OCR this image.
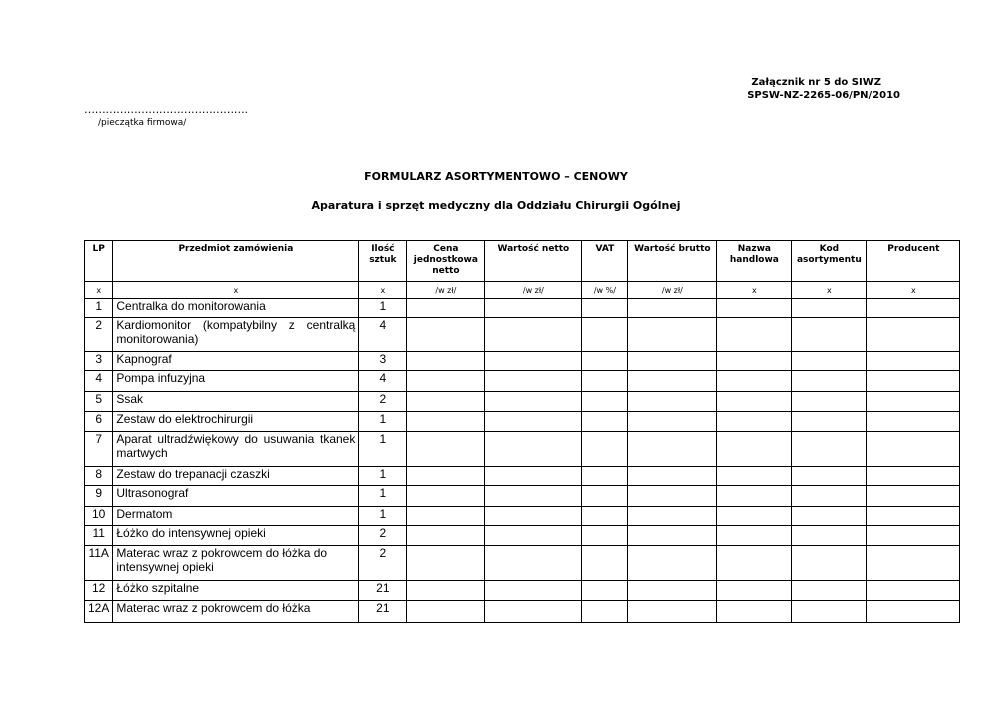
Załącznik nr 5 do SIWZ
SPSW-NZ-2265-06/PN/2010
……………………………………….
/pieczątka firmowa/
FORMULARZ ASORTYMENTOWO – CENOWY
Aparatura i sprzęt medyczny dla Oddziału Chirurgii Ogólnej
LP	Przedmiot zamówienia	Ilość sztuk	Cena jednostkowa netto	Wartość netto	VAT	Wartość brutto	Nazwa handlowa	Kod asortymentu	Producent
x	x	x	/w zł/	/w zł/	/w %/	/w zł/	x	x	x
1	Centralka do monitorowania	1							
2	Kardiomonitor (kompatybilny z centralką monitorowania)	4							
3	Kapnograf	3							
4	Pompa infuzyjna	4							
5	Ssak	2							
6	Zestaw do elektrochirurgii	1							
7	Aparat ultradźwiękowy do usuwania tkanek martwych	1							
8	Zestaw do trepanacji czaszki	1							
9	Ultrasonograf	1							
10	Dermatom	1							
11	Łóżko do intensywnej opieki	2							
11A	Materac wraz z pokrowcem do łóżka do intensywnej opieki	2							
12	Łóżko szpitalne	21							
12A	Materac wraz z pokrowcem do łóżka	21							
